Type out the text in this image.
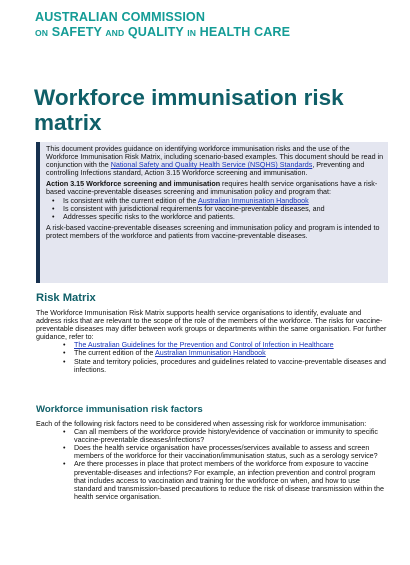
AUSTRALIAN COMMISSION
ON SAFETY AND QUALITY IN HEALTH CARE
Workforce immunisation risk matrix

This document provides guidance on identifying workforce immunisation risks and the use of the Workforce Immunisation Risk Matrix, including scenario-based examples. This document should be read in conjunction with the National Safety and Quality Health Service (NSQHS) Standards, Preventing and controlling Infections standard, Action 3.15 Workforce screening and immunisation.

Action 3.15 Workforce screening and immunisation requires health service organisations have a risk-based vaccine-preventable diseases screening and immunisation policy and program that:

• Is consistent with the current edition of the Australian Immunisation Handbook
• Is consistent with jurisdictional requirements for vaccine-preventable diseases, and
• Addresses specific risks to the workforce and patients.

A risk-based vaccine-preventable diseases screening and immunisation policy and program is intended to protect members of the workforce and patients from vaccine-preventable diseases.

Risk Matrix

The Workforce Immunisation Risk Matrix supports health service organisations to identify, evaluate and address risks that are relevant to the scope of the role of the members of the workforce. The risks for vaccine-preventable diseases may differ between work groups or departments within the same organisation. For further guidance, refer to:

• The Australian Guidelines for the Prevention and Control of Infection in Healthcare
• The current edition of the Australian Immunisation Handbook
• State and territory policies, procedures and guidelines related to vaccine-preventable diseases and infections.
Workforce immunisation risk factors

Each of the following risk factors need to be considered when assessing risk for workforce immunisation:

• Can all members of the workforce provide history/evidence of vaccination or immunity to specific vaccine-preventable diseases/infections?
• Does the health service organisation have processes/services available to assess and screen members of the workforce for their vaccination/immunisation status, such as a serology service?
• Are there processes in place that protect members of the workforce from exposure to vaccine preventable-diseases and infections? For example, an infection prevention and control program that includes access to vaccination and training for the workforce on when, and how to use standard and transmission-based precautions to reduce the risk of disease transmission within the health service organisation.
